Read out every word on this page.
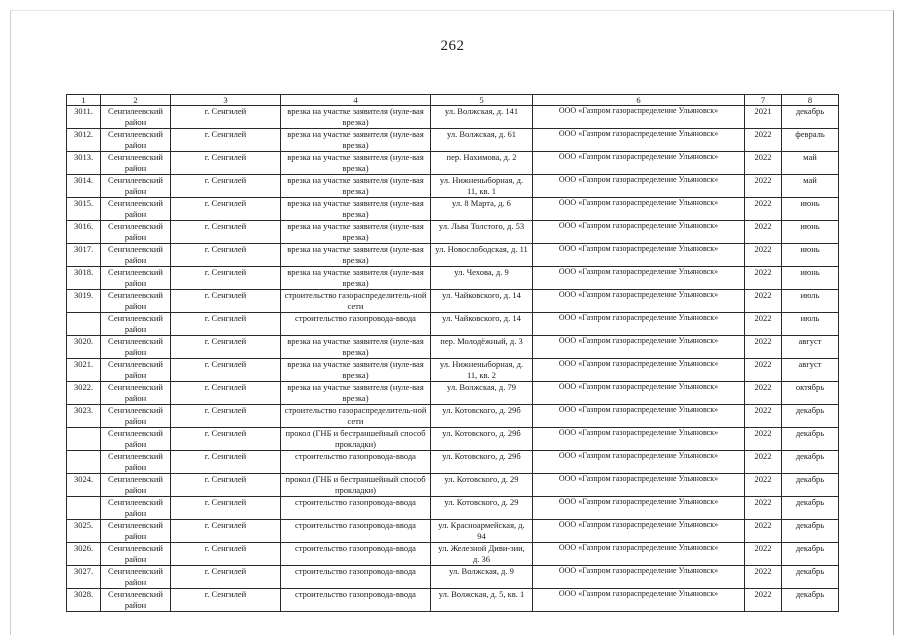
262
1	2	3	4	5	6	7	8
3011.	Сенгилеевский район	г. Сенгилей	врезка на участке заявителя (нуле-вая врезка)	ул. Волжская, д. 141	ООО «Газпром газораспределение Ульяновск»	2021	декабрь
3012.	Сенгилеевский район	г. Сенгилей	врезка на участке заявителя (нуле-вая врезка)	ул. Волжская, д. 61	ООО «Газпром газораспределение Ульяновск»	2022	февраль
3013.	Сенгилеевский район	г. Сенгилей	врезка на участке заявителя (нуле-вая врезка)	пер. Нахимова, д. 2	ООО «Газпром газораспределение Ульяновск»	2022	май
3014.	Сенгилеевский район	г. Сенгилей	врезка на участке заявителя (нуле-вая врезка)	ул. Нижненыборная, д. 11, кв. 1	ООО «Газпром газораспределение Ульяновск»	2022	май
3015.	Сенгилеевский район	г. Сенгилей	врезка на участке заявителя (нуле-вая врезка)	ул. 8 Марта, д. 6	ООО «Газпром газораспределение Ульяновск»	2022	июнь
3016.	Сенгилеевский район	г. Сенгилей	врезка на участке заявителя (нуле-вая врезка)	ул. Льва Толстого, д. 53	ООО «Газпром газораспределение Ульяновск»	2022	июнь
3017.	Сенгилеевский район	г. Сенгилей	врезка на участке заявителя (нуле-вая врезка)	ул. Новослободская, д. 11	ООО «Газпром газораспределение Ульяновск»	2022	июнь
3018.	Сенгилеевский район	г. Сенгилей	врезка на участке заявителя (нуле-вая врезка)	ул. Чехова, д. 9	ООО «Газпром газораспределение Ульяновск»	2022	июнь
3019.	Сенгилеевский район	г. Сенгилей	строительство газораспределитель-ной сети	ул. Чайковского, д. 14	ООО «Газпром газораспределение Ульяновск»	2022	июль
	Сенгилеевский район	г. Сенгилей	строительство газопровода-ввода	ул. Чайковского, д. 14	ООО «Газпром газораспределение Ульяновск»	2022	июль
3020.	Сенгилеевский район	г. Сенгилей	врезка на участке заявителя (нуле-вая врезка)	пер. Молодёжный, д. 3	ООО «Газпром газораспределение Ульяновск»	2022	август
3021.	Сенгилеевский район	г. Сенгилей	врезка на участке заявителя (нуле-вая врезка)	ул. Нижненыборная, д. 11, кв. 2	ООО «Газпром газораспределение Ульяновск»	2022	август
3022.	Сенгилеевский район	г. Сенгилей	врезка на участке заявителя (нуле-вая врезка)	ул. Волжская, д. 79	ООО «Газпром газораспределение Ульяновск»	2022	октябрь
3023.	Сенгилеевский район	г. Сенгилей	строительство газораспределитель-ной сети	ул. Котовского, д. 29б	ООО «Газпром газораспределение Ульяновск»	2022	декабрь
	Сенгилеевский район	г. Сенгилей	прокол (ГНБ и бестраншейный способ прокладки)	ул. Котовского, д. 29б	ООО «Газпром газораспределение Ульяновск»	2022	декабрь
	Сенгилеевский район	г. Сенгилей	строительство газопровода-ввода	ул. Котовского, д. 29б	ООО «Газпром газораспределение Ульяновск»	2022	декабрь
3024.	Сенгилеевский район	г. Сенгилей	прокол (ГНБ и бестраншейный способ прокладки)	ул. Котовского, д. 29	ООО «Газпром газораспределение Ульяновск»	2022	декабрь
	Сенгилеевский район	г. Сенгилей	строительство газопровода-ввода	ул. Котовского, д. 29	ООО «Газпром газораспределение Ульяновск»	2022	декабрь
3025.	Сенгилеевский район	г. Сенгилей	строительство газопровода-ввода	ул. Красноармейская, д. 94	ООО «Газпром газораспределение Ульяновск»	2022	декабрь
3026.	Сенгилеевский район	г. Сенгилей	строительство газопровода-ввода	ул. Железной Диви-зии, д. 36	ООО «Газпром газораспределение Ульяновск»	2022	декабрь
3027.	Сенгилеевский район	г. Сенгилей	строительство газопровода-ввода	ул. Волжская, д. 9	ООО «Газпром газораспределение Ульяновск»	2022	декабрь
3028.	Сенгилеевский район	г. Сенгилей	строительство газопровода-ввода	ул. Волжская, д. 5, кв. 1	ООО «Газпром газораспределение Ульяновск»	2022	декабрь
